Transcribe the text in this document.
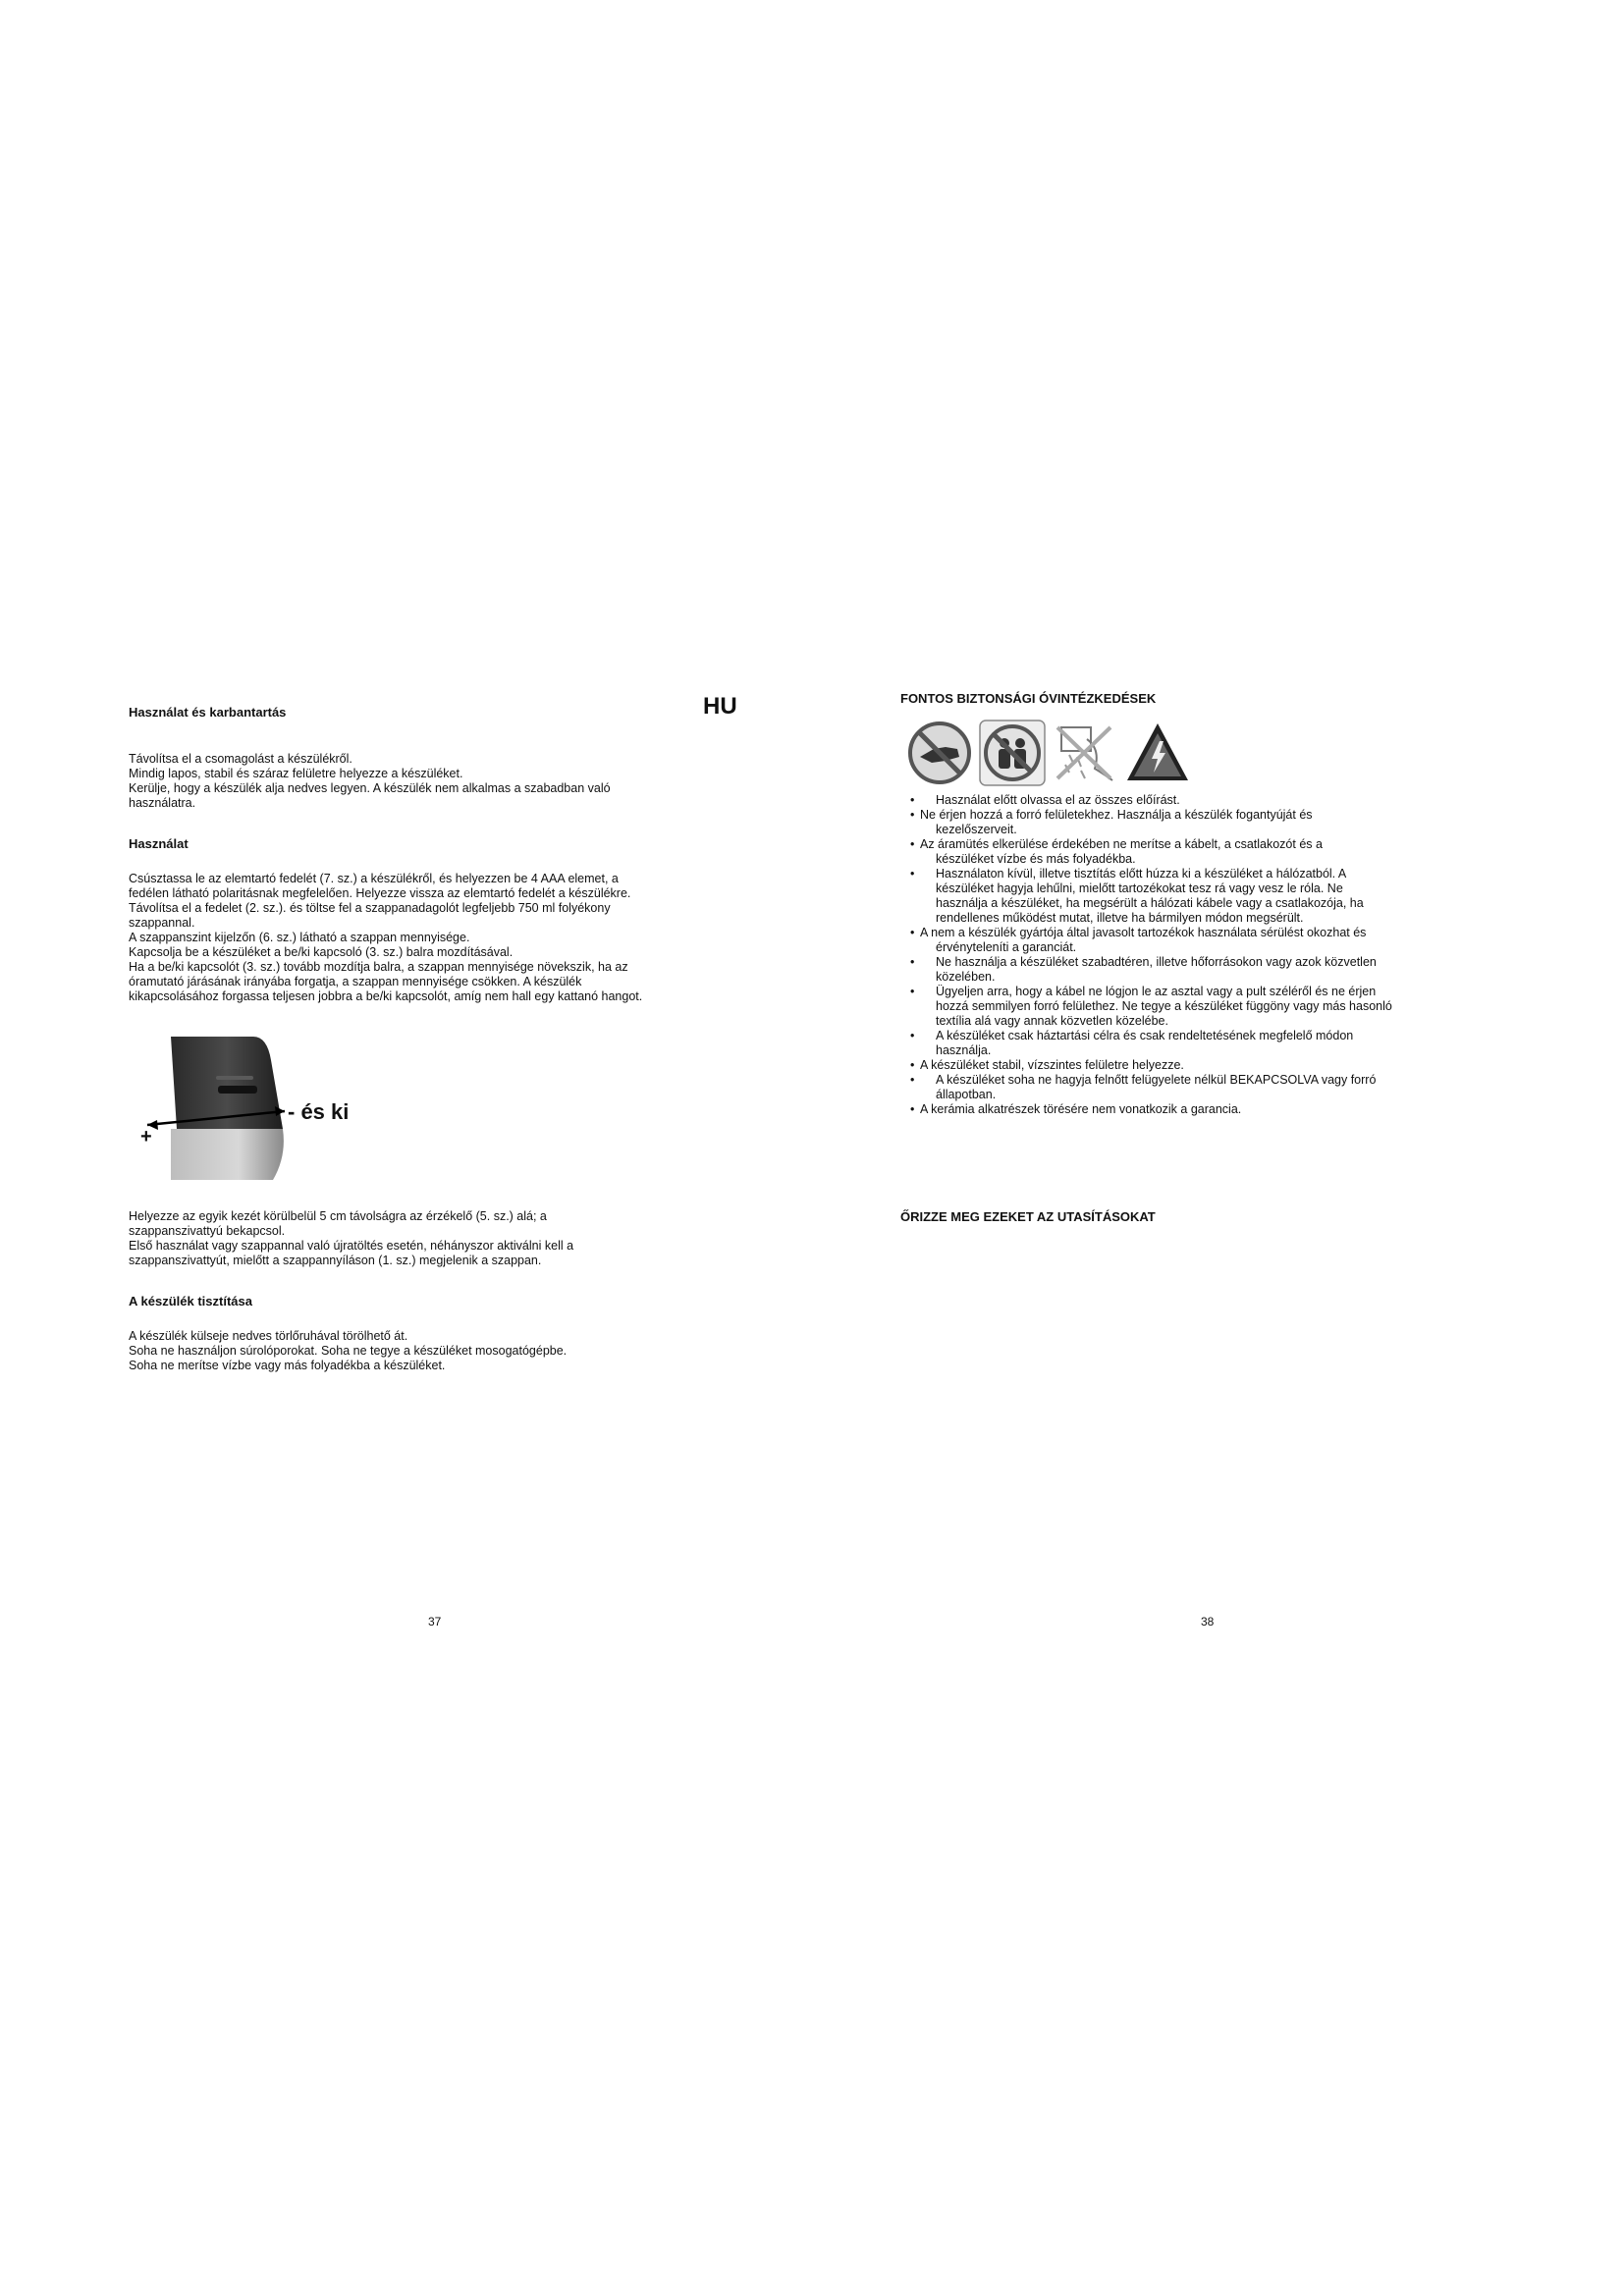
Használat és karbantartás	HU
Távolítsa el a csomagolást a készülékről.
Mindig lapos, stabil és száraz felületre helyezze a készüléket.
Kerülje, hogy a készülék alja nedves legyen. A készülék nem alkalmas a szabadban való
használatra.
Használat
Csúsztassa le az elemtartó fedelét (7. sz.) a készülékről, és helyezzen be 4 AAA elemet, a
fedélen látható polaritásnak megfelelően. Helyezze vissza az elemtartó fedelét a készülékre.
Távolítsa el a fedelet (2. sz.). és töltse fel a szappanadagolót legfeljebb 750 ml folyékony
szappannal.
A szappanszint kijelzőn (6. sz.) látható a szappan mennyisége.
Kapcsolja be a készüléket a be/ki kapcsoló (3. sz.) balra mozdításával.
Ha a be/ki kapcsolót (3. sz.) tovább mozdítja balra, a szappan mennyisége növekszik, ha az
óramutató járásának irányába forgatja, a szappan mennyisége csökken. A készülék
kikapcsolásához forgassa teljesen jobbra a be/ki kapcsolót, amíg nem hall egy kattanó hangot.
- és ki
+
Helyezze az egyik kezét körülbelül 5 cm távolságra az érzékelő (5. sz.) alá; a
szappanszivattyú bekapcsol.
Első használat vagy szappannal való újratöltés esetén, néhányszor aktiválni kell a
szappanszivattyút, mielőtt a szappannyíláson (1. sz.) megjelenik a szappan.
A készülék tisztítása
A készülék külseje nedves törlőruhával törölhető át.
Soha ne használjon súrolóporokat. Soha ne tegye a készüléket mosogatógépbe.
Soha ne merítse vízbe vagy más folyadékba a készüléket.
37
FONTOS BIZTONSÁGI ÓVINTÉZKEDÉSEK
• Használat előtt olvassa el az összes előírást.
• Ne érjen hozzá a forró felületekhez. Használja a készülék fogantyúját és
kezelőszerveit.
• Az áramütés elkerülése érdekében ne merítse a kábelt, a csatlakozót és a
készüléket vízbe és más folyadékba.
• Használaton kívül, illetve tisztítás előtt húzza ki a készüléket a hálózatból. A
készüléket hagyja lehűlni, mielőtt tartozékokat tesz rá vagy vesz le róla. Ne
használja a készüléket, ha megsérült a hálózati kábele vagy a csatlakozója, ha
rendellenes működést mutat, illetve ha bármilyen módon megsérült.
• A nem a készülék gyártója által javasolt tartozékok használata sérülést okozhat és
érvényteleníti a garanciát.
• Ne használja a készüléket szabadtéren, illetve hőforrásokon vagy azok közvetlen
közelében.
• Ügyeljen arra, hogy a kábel ne lógjon le az asztal vagy a pult széléről és ne érjen
hozzá semmilyen forró felülethez. Ne tegye a készüléket függöny vagy más hasonló
textília alá vagy annak közvetlen közelébe.
• A készüléket csak háztartási célra és csak rendeltetésének megfelelő módon
használja.
• A készüléket stabil, vízszintes felületre helyezze.
• A készüléket soha ne hagyja felnőtt felügyelete nélkül BEKAPCSOLVA vagy forró
állapotban.
• A kerámia alkatrészek törésére nem vonatkozik a garancia.
ŐRIZZE MEG EZEKET AZ UTASÍTÁSOKAT
38
